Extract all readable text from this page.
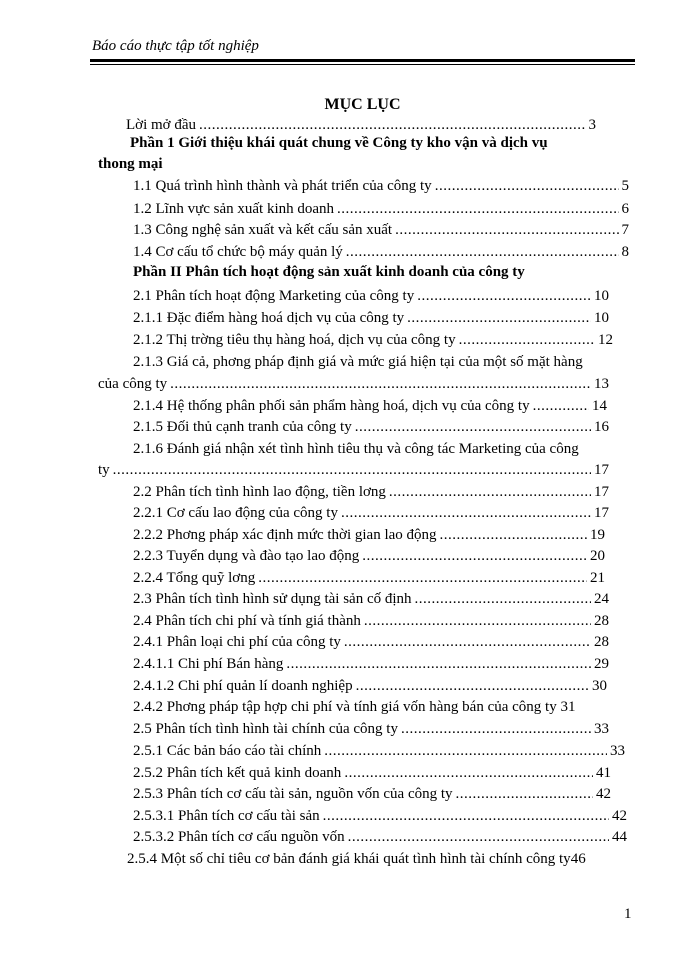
Báo cáo thực tập tốt nghiệp
MỤC LỤC
Lời mở đầu .....	3
Phần 1 Giới thiệu khái quát chung về Công ty kho vận và dịch vụ
thong mại
1.1 Quá trình hình thành và phát triển của công ty .....	5
1.2 Lĩnh vực sản xuất kinh doanh .....	6
1.3 Công nghệ sản xuất và kết cấu sản xuất .....	7
1.4 Cơ cấu tổ chức bộ máy quản lý .....	8
Phần II Phân tích hoạt động sản xuất kinh doanh của công ty
2.1 Phân tích hoạt động Marketing của công ty .....	10
2.1.1 Đặc điểm hàng hoá dịch vụ của công ty .....	10
2.1.2 Thị trờng tiêu thụ hàng hoá, dịch vụ của công ty .....	12
2.1.3 Giá cả, phơng pháp định giá và mức giá hiện tại của một số mặt hàng
của công ty .....	13
2.1.4 Hệ thống phân phối sản phẩm hàng hoá, dịch vụ của công ty .....	14
2.1.5 Đối thủ cạnh tranh của công ty .....	16
2.1.6 Đánh giá nhận xét tình hình tiêu thụ và công tác Marketing của công
ty .....	17
2.2 Phân tích tình hình lao động, tiền lơng .....	17
2.2.1 Cơ cấu lao động của công ty .....	17
2.2.2 Phơng pháp xác định mức thời gian lao động .....	19
2.2.3 Tuyển dụng và đào tạo lao động .....	20
2.2.4 Tổng quỹ lơng .....	21
2.3 Phân tích tình hình sử dụng tài sản cố định .....	24
2.4 Phân tích chi phí và tính giá thành .....	28
2.4.1 Phân loại chi phí của công ty .....	28
2.4.1.1 Chi phí Bán hàng .....	29
2.4.1.2 Chi phí quản lí doanh nghiệp .....	30
2.4.2 Phơng pháp tập hợp chi phí và tính giá vốn hàng bán của công ty 31
2.5 Phân tích tình hình tài chính của công ty .....	33
2.5.1 Các bản báo cáo tài chính .....	33
2.5.2 Phân tích kết quả kinh doanh .....	41
2.5.3 Phân tích cơ cấu tài sản, nguồn vốn của công ty .....	42
2.5.3.1 Phân tích cơ cấu tài sản .....	42
2.5.3.2 Phân tích cơ cấu nguồn vốn .....	44
2.5.4 Một số chỉ tiêu cơ bản đánh giá khái quát tình hình tài chính công ty46
1
